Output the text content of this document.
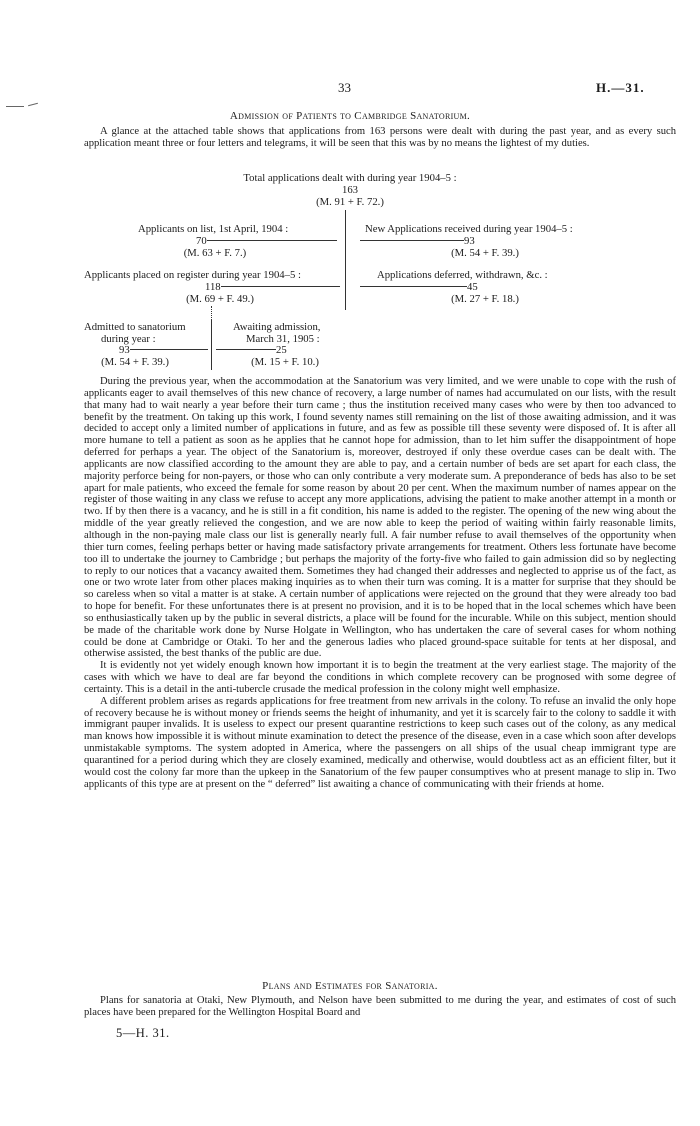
33	H.—31.
Admission of Patients to Cambridge Sanatorium.
A glance at the attached table shows that applications from 163 persons were dealt with during the past year, and as every such application meant three or four letters and telegrams, it will be seen that this was by no means the lightest of my duties.
Total applications dealt with during year 1904–5 :
163
(M. 91 + F. 72.)
Applicants on list, 1st April, 1904 :
70
(M. 63 + F. 7.)
New Applications received during year 1904–5 :
93
(M. 54 + F. 39.)
Applicants placed on register during year 1904–5 :
118
(M. 69 + F. 49.)
Applications deferred, withdrawn, &c. :
45
(M. 27 + F. 18.)
Admitted to sanatorium
during year :
93
(M. 54 + F. 39.)
Awaiting admission,
March 31, 1905 :
25
(M. 15 + F. 10.)
During the previous year, when the accommodation at the Sanatorium was very limited, and we were unable to cope with the rush of applicants eager to avail themselves of this new chance of recovery, a large number of names had accumulated on our lists, with the result that many had to wait nearly a year before their turn came ; thus the institution received many cases who were by then too advanced to benefit by the treatment. On taking up this work, I found seventy names still remaining on the list of those awaiting admission, and it was decided to accept only a limited number of applications in future, and as few as possible till these seventy were disposed of. It is after all more humane to tell a patient as soon as he applies that he cannot hope for admission, than to let him suffer the disappointment of hope deferred for perhaps a year. The object of the Sanatorium is, moreover, destroyed if only these overdue cases can be dealt with. The applicants are now classified according to the amount they are able to pay, and a certain number of beds are set apart for each class, the majority perforce being for non-payers, or those who can only contribute a very moderate sum. A preponderance of beds has also to be set apart for male patients, who exceed the female for some reason by about 20 per cent. When the maximum number of names appear on the register of those waiting in any class we refuse to accept any more applications, advising the patient to make another attempt in a month or two. If by then there is a vacancy, and he is still in a fit condition, his name is added to the register. The opening of the new wing about the middle of the year greatly relieved the congestion, and we are now able to keep the period of waiting within fairly reasonable limits, although in the non-paying male class our list is generally nearly full. A fair number refuse to avail themselves of the opportunity when thier turn comes, feeling perhaps better or having made satisfactory private arrangements for treatment. Others less fortunate have become too ill to undertake the journey to Cambridge ; but perhaps the majority of the forty-five who failed to gain admission did so by neglecting to reply to our notices that a vacancy awaited them. Sometimes they had changed their addresses and neglected to apprise us of the fact, as one or two wrote later from other places making inquiries as to when their turn was coming. It is a matter for surprise that they should be so careless when so vital a matter is at stake. A certain number of applications were rejected on the ground that they were already too bad to hope for benefit. For these unfortunates there is at present no provision, and it is to be hoped that in the local schemes which have been so enthusiastically taken up by the public in several districts, a place will be found for the incurable. While on this subject, mention should be made of the charitable work done by Nurse Holgate in Wellington, who has undertaken the care of several cases for whom nothing could be done at Cambridge or Otaki. To her and the generous ladies who placed ground-space suitable for tents at her disposal, and otherwise assisted, the best thanks of the public are due.
It is evidently not yet widely enough known how important it is to begin the treatment at the very earliest stage. The majority of the cases with which we have to deal are far beyond the conditions in which complete recovery can be prognosed with some degree of certainty. This is a detail in the anti-tubercle crusade the medical profession in the colony might well emphasize.
A different problem arises as regards applications for free treatment from new arrivals in the colony. To refuse an invalid the only hope of recovery because he is without money or friends seems the height of inhumanity, and yet it is scarcely fair to the colony to saddle it with immigrant pauper invalids. It is useless to expect our present quarantine restrictions to keep such cases out of the colony, as any medical man knows how impossible it is without minute examination to detect the presence of the disease, even in a case which soon after develops unmistakable symptoms. The system adopted in America, where the passengers on all ships of the usual cheap immigrant type are quarantined for a period during which they are closely examined, medically and otherwise, would doubtless act as an efficient filter, but it would cost the colony far more than the upkeep in the Sanatorium of the few pauper consumptives who at present manage to slip in. Two applicants of this type are at present on the “ deferred” list awaiting a chance of communicating with their friends at home.
Plans and Estimates for Sanatoria.
Plans for sanatoria at Otaki, New Plymouth, and Nelson have been submitted to me during the year, and estimates of cost of such places have been prepared for the Wellington Hospital Board and
5—H. 31.
